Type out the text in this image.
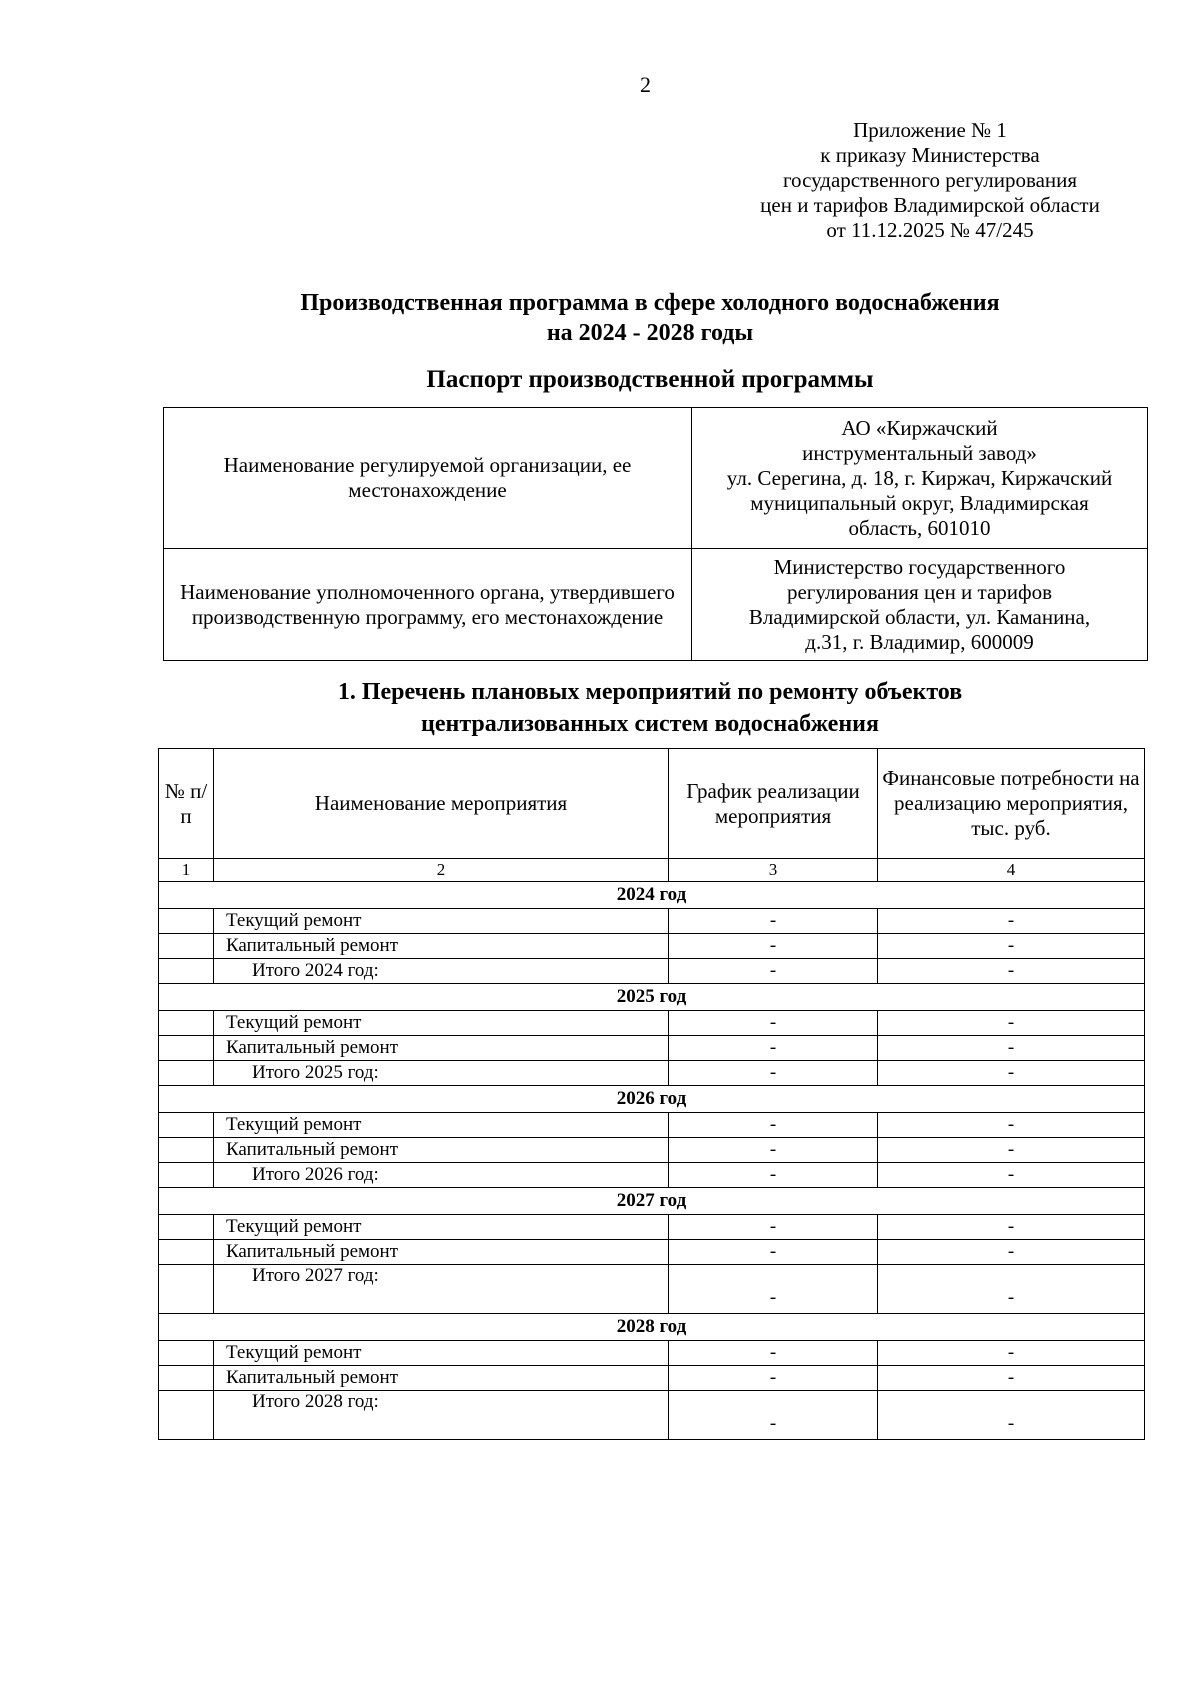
2
Приложение № 1
к приказу Министерства
государственного регулирования
цен и тарифов Владимирской области
от 11.12.2025 № 47/245
Производственная программа в сфере холодного водоснабжения
на 2024 - 2028 годы
Паспорт производственной программы
Наименование регулируемой организации, ее местонахождение	АО «Киржачский
инструментальный завод»
ул. Серегина, д. 18, г. Киржач, Киржачский
муниципальный округ, Владимирская
область, 601010

Наименование уполномоченного органа, утвердившего производственную программу, его местонахождение	Министерство государственного
регулирования цен и тарифов
Владимирской области, ул. Каманина,
д.31, г. Владимир, 600009
1. Перечень плановых мероприятий по ремонту объектов
централизованных систем водоснабжения
№ п/п	Наименование мероприятия	График реализации мероприятия	Финансовые потребности на реализацию мероприятия, тыс. руб.
1	2	3	4
2024 год			
	Текущий ремонт	-	-
	Капитальный ремонт	-	-
	Итого 2024 год:	-	-
2025 год			
	Текущий ремонт	-	-
	Капитальный ремонт	-	-
	Итого 2025 год:	-	-
2026 год			
	Текущий ремонт	-	-
	Капитальный ремонт	-	-
	Итого 2026 год:	-	-
2027 год			
	Текущий ремонт	-	-
	Капитальный ремонт	-	-
	Итого 2027 год:	-	-
2028 год			
	Текущий ремонт	-	-
	Капитальный ремонт	-	-
	Итого 2028 год:	-	-
